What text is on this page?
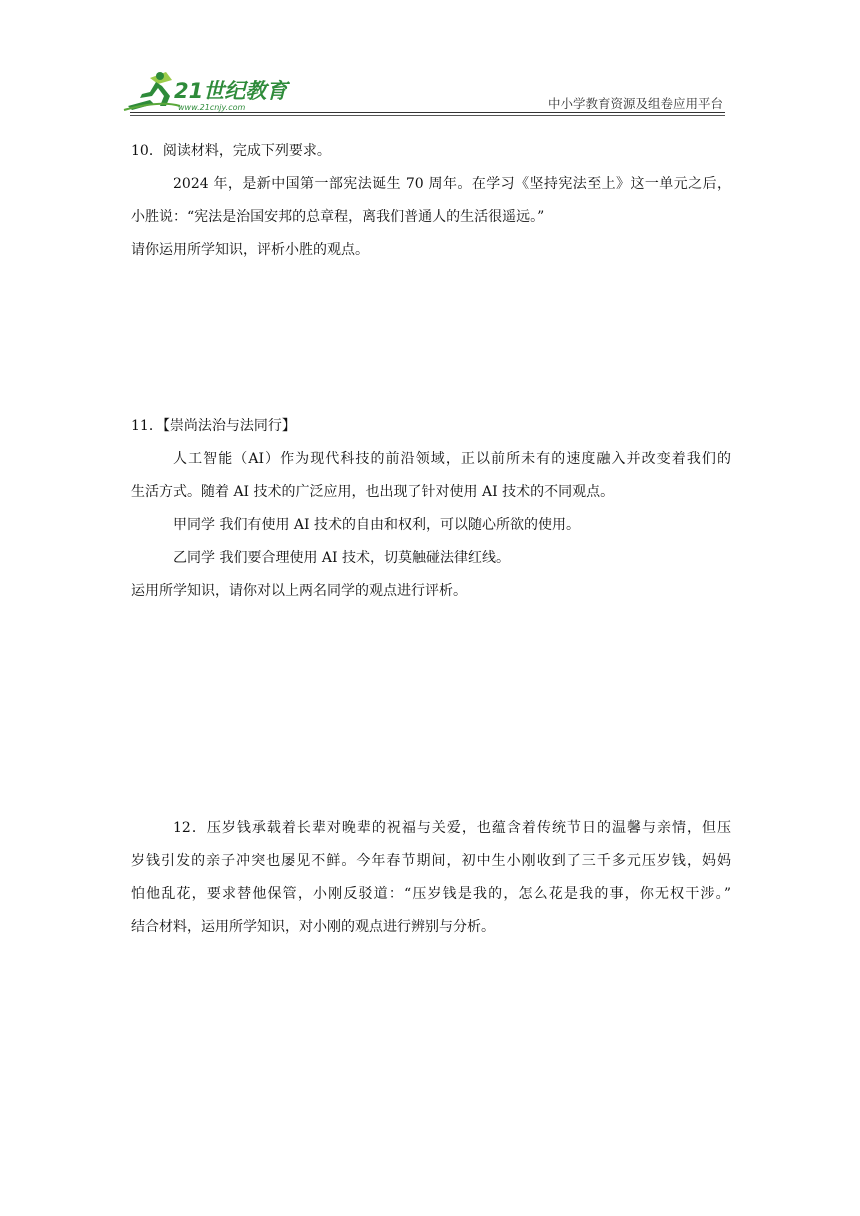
21世纪教育
www.21cnjy.com	中小学教育资源及组卷应用平台
10．阅读材料，完成下列要求。
2024 年，是新中国第一部宪法诞生 70 周年。在学习《坚持宪法至上》这一单元之后，
小胜说：“宪法是治国安邦的总章程，离我们普通人的生活很遥远。”
请你运用所学知识，评析小胜的观点。
11．【崇尚法治与法同行】
人工智能（AI）作为现代科技的前沿领域，正以前所未有的速度融入并改变着我们的
生活方式。随着 AI 技术的广泛应用，也出现了针对使用 AI 技术的不同观点。
甲同学 我们有使用 AI 技术的自由和权利，可以随心所欲的使用。
乙同学 我们要合理使用 AI 技术，切莫触碰法律红线。
运用所学知识，请你对以上两名同学的观点进行评析。
12．压岁钱承载着长辈对晚辈的祝福与关爱，也蕴含着传统节日的温馨与亲情，但压
岁钱引发的亲子冲突也屡见不鲜。今年春节期间，初中生小刚收到了三千多元压岁钱，妈妈
怕他乱花，要求替他保管，小刚反驳道：“压岁钱是我的，怎么花是我的事，你无权干涉。”
结合材料，运用所学知识，对小刚的观点进行辨别与分析。
